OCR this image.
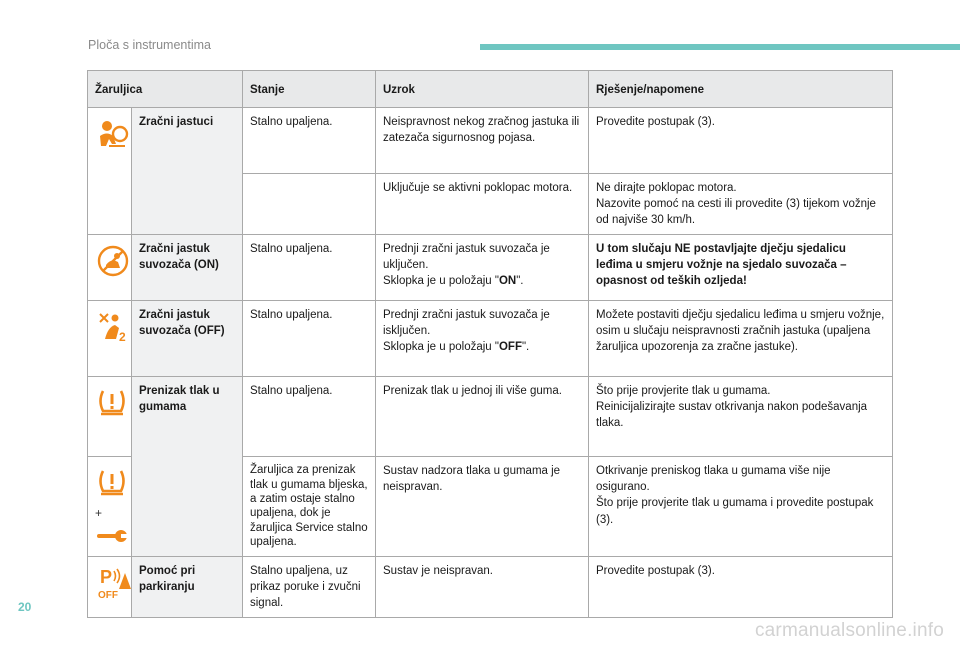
Ploča s instrumentima
Žaruljica		Stanje	Uzrok	Rješenje/napomene

	Zračni jastuci	Stalno upaljena.	Neispravnost nekog zračnog jastuka ili zatezača sigurnosnog pojasa.	Provedite postupak (3).
			Uključuje se aktivni poklopac motora.	Ne dirajte poklopac motora.
Nazovite pomoć na cesti ili provedite (3) tijekom vožnje od najviše 30 km/h.

	Zračni jastuk suvozača (ON)	Stalno upaljena.	Prednji zračni jastuk suvozača je uključen.
Sklopka je u položaju "ON".	U tom slučaju NE postavljajte dječju sjedalicu leđima u smjeru vožnje na sjedalo suvozača – opasnost od teških ozljeda!

2	Zračni jastuk suvozača (OFF)	Stalno upaljena.	Prednji zračni jastuk suvozača je isključen.
Sklopka je u položaju "OFF".	Možete postaviti dječju sjedalicu leđima u smjeru vožnje, osim u slučaju neispravnosti zračnih jastuka (upaljena žaruljica upozorenja za zračne jastuke).

	Prenizak tlak u gumama	Stalno upaljena.	Prenizak tlak u jednoj ili više guma.	Što prije provjerite tlak u gumama.
Reinicijalizirajte sustav otkrivanja nakon podešavanja tlaka.

+		Žaruljica za prenizak tlak u gumama bljeska, a zatim ostaje stalno upaljena, dok je žaruljica Service stalno upaljena.	Sustav nadzora tlaka u gumama je neispravan.	Otkrivanje preniskog tlaka u gumama više nije osigurano.
Što prije provjerite tlak u gumama i provedite postupak (3).

P
OFF	Pomoć pri parkiranju	Stalno upaljena, uz prikaz poruke i zvučni signal.	Sustav je neispravan.	Provedite postupak (3).
20
carmanualsonline.info
